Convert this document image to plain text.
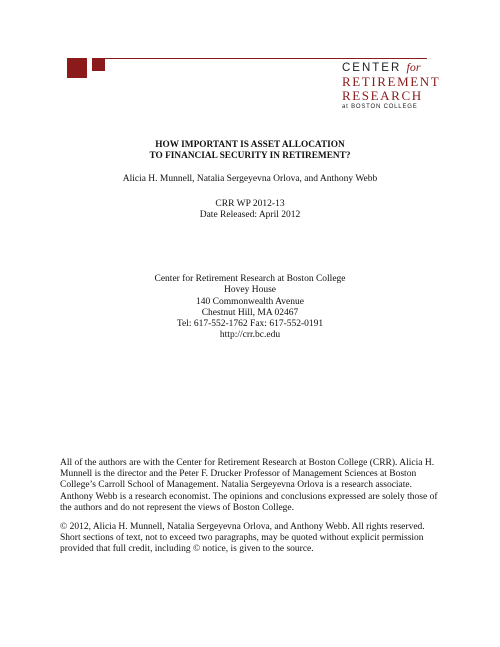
CENTER for
RETIREMENT
RESEARCH
at BOSTON COLLEGE
HOW IMPORTANT IS ASSET ALLOCATION
TO FINANCIAL SECURITY IN RETIREMENT?
Alicia H. Munnell, Natalia Sergeyevna Orlova, and Anthony Webb
CRR WP 2012-13
Date Released: April 2012
Center for Retirement Research at Boston College
Hovey House
140 Commonwealth Avenue
Chestnut Hill, MA 02467
Tel: 617-552-1762 Fax: 617-552-0191
http://crr.bc.edu
All of the authors are with the Center for Retirement Research at Boston College (CRR). Alicia H. Munnell is the director and the Peter F. Drucker Professor of Management Sciences at Boston College’s Carroll School of Management. Natalia Sergeyevna Orlova is a research associate. Anthony Webb is a research economist. The opinions and conclusions expressed are solely those of the authors and do not represent the views of Boston College.
© 2012, Alicia H. Munnell, Natalia Sergeyevna Orlova, and Anthony Webb. All rights reserved. Short sections of text, not to exceed two paragraphs, may be quoted without explicit permission provided that full credit, including © notice, is given to the source.
